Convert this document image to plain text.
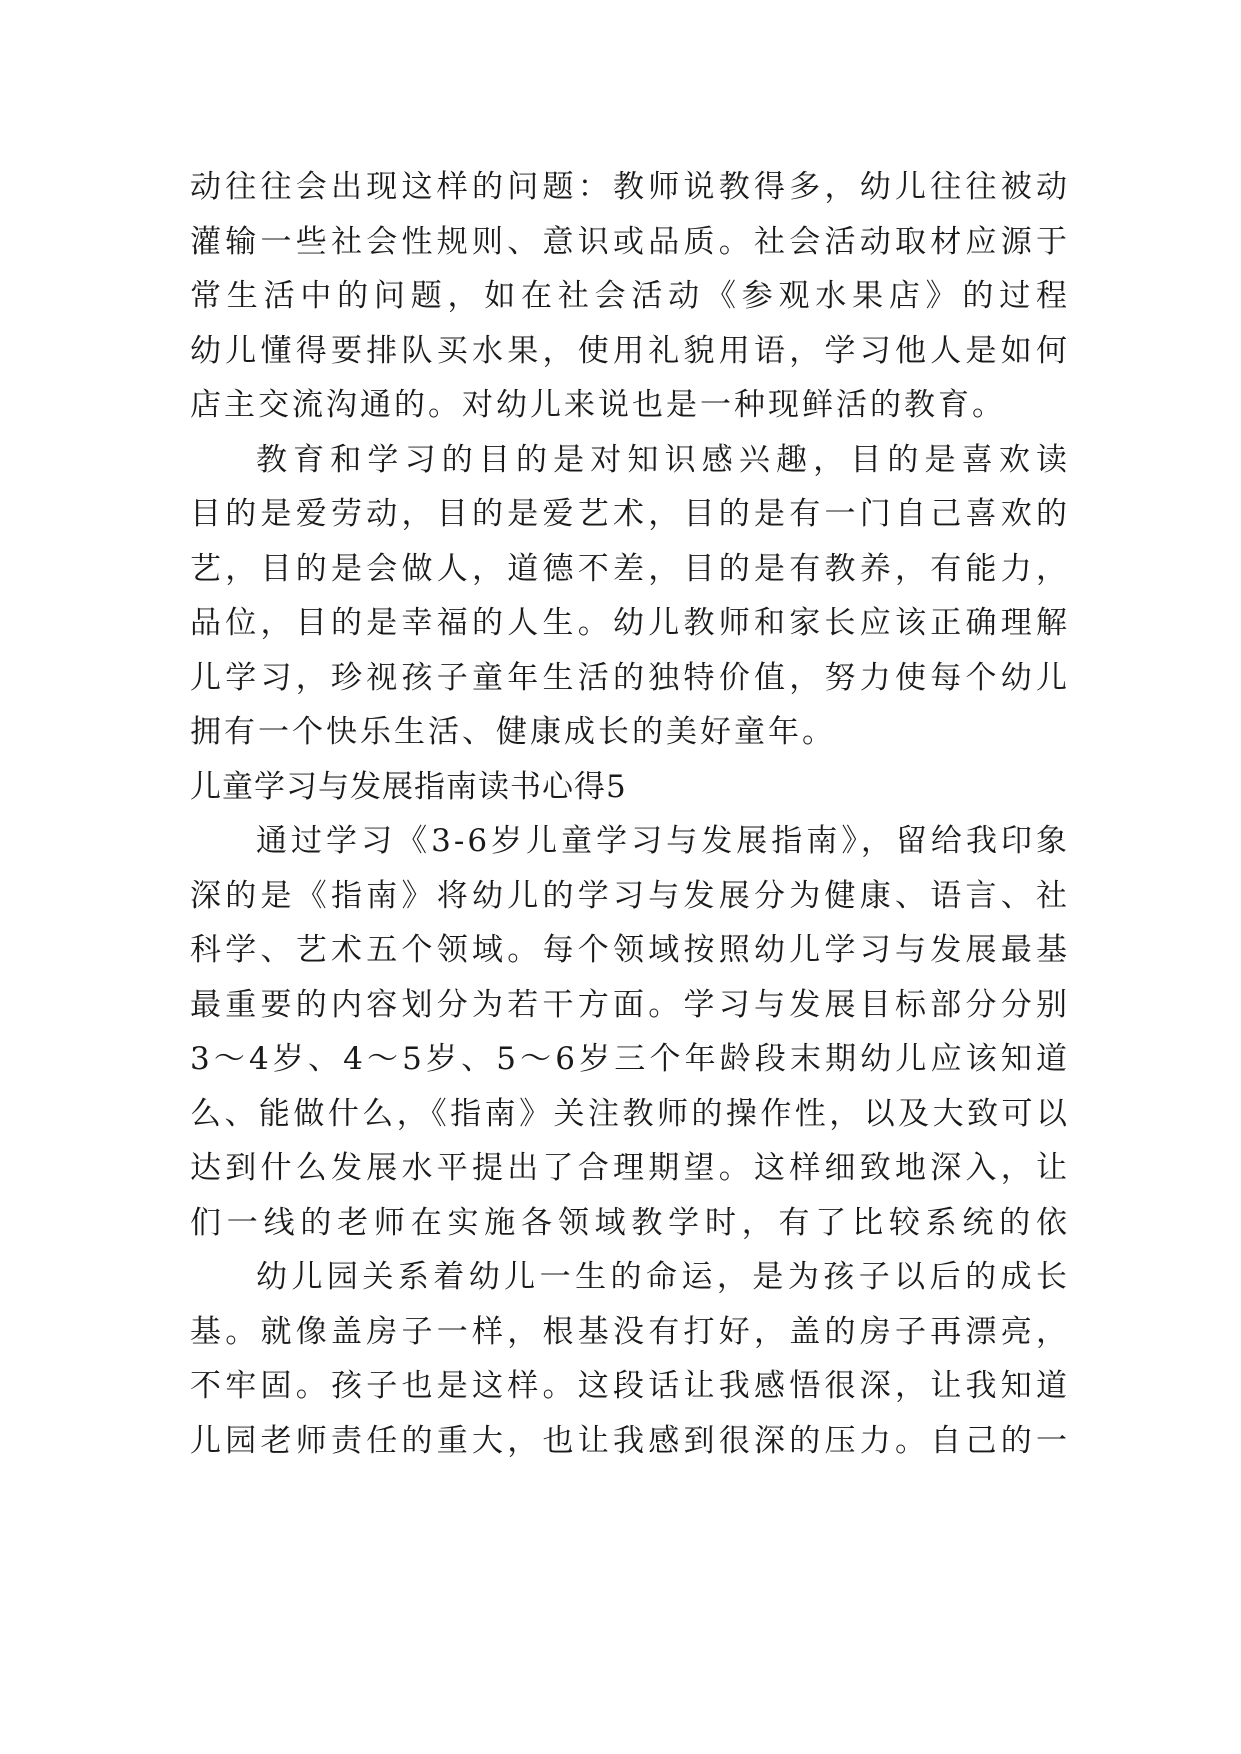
动往往会出现这样的问题：教师说教得多，幼儿往往被动
灌输一些社会性规则、意识或品质。社会活动取材应源于
常生活中的问题，如在社会活动《参观水果店》的过程
幼儿懂得要排队买水果，使用礼貌用语，学习他人是如何
店主交流沟通的。对幼儿来说也是一种现鲜活的教育。
教育和学习的目的是对知识感兴趣，目的是喜欢读
目的是爱劳动，目的是爱艺术，目的是有一门自己喜欢的
艺，目的是会做人，道德不差，目的是有教养，有能力，
品位，目的是幸福的人生。幼儿教师和家长应该正确理解
儿学习，珍视孩子童年生活的独特价值，努力使每个幼儿
拥有一个快乐生活、健康成长的美好童年。
儿童学习与发展指南读书心得5
通过学习《3-6岁儿童学习与发展指南》，留给我印象
深的是《指南》将幼儿的学习与发展分为健康、语言、社
科学、艺术五个领域。每个领域按照幼儿学习与发展最基
最重要的内容划分为若干方面。学习与发展目标部分分别
3～4岁、4～5岁、5～6岁三个年龄段末期幼儿应该知道
么、能做什么，《指南》关注教师的操作性，以及大致可以
达到什么发展水平提出了合理期望。这样细致地深入，让
们一线的老师在实施各领域教学时，有了比较系统的依
幼儿园关系着幼儿一生的命运，是为孩子以后的成长
基。就像盖房子一样，根基没有打好，盖的房子再漂亮，
不牢固。孩子也是这样。这段话让我感悟很深，让我知道
儿园老师责任的重大，也让我感到很深的压力。自己的一
